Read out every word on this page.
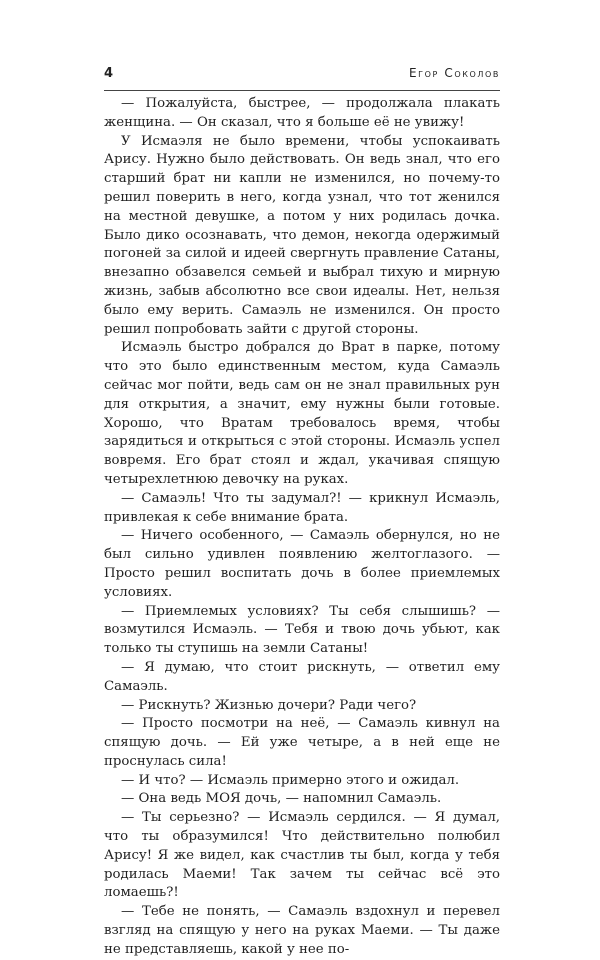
4	Егор Соколов

— Пожалуйста, быстрее, — продолжала плакать женщина. — Он сказал, что я больше её не увижу!

У Исмаэля не было времени, чтобы успокаивать Арису. Нужно было действовать. Он ведь знал, что его старший брат ни капли не изменился, но почему-то решил поверить в него, когда узнал, что тот женился на местной девушке, а потом у них родилась дочка. Было дико осознавать, что демон, некогда одержимый погоней за силой и идеей свергнуть правление Сатаны, внезапно обзавелся семьей и выбрал тихую и мирную жизнь, забыв абсолютно все свои идеалы. Нет, нельзя было ему верить. Самаэль не изменился. Он просто решил попробовать зайти с другой стороны.

Исмаэль быстро добрался до Врат в парке, потому что это было единственным местом, куда Самаэль сейчас мог пойти, ведь сам он не знал правильных рун для открытия, а значит, ему нужны были готовые. Хорошо, что Вратам требовалось время, чтобы зарядиться и открыться с этой стороны. Исмаэль успел вовремя. Его брат стоял и ждал, укачивая спящую четырехлетнюю девочку на руках.

— Самаэль! Что ты задумал?! — крикнул Исмаэль, привлекая к себе внимание брата.

— Ничего особенного, — Самаэль обернулся, но не был сильно удивлен появлению желтоглазого. — Просто решил воспитать дочь в более приемлемых условиях.

— Приемлемых условиях? Ты себя слышишь? — возмутился Исмаэль. — Тебя и твою дочь убьют, как только ты ступишь на земли Сатаны!

— Я думаю, что стоит рискнуть, — ответил ему Самаэль.

— Рискнуть? Жизнью дочери? Ради чего?

— Просто посмотри на неё, — Самаэль кивнул на спящую дочь. — Ей уже четыре, а в ней еще не проснулась сила!

— И что? — Исмаэль примерно этого и ожидал.

— Она ведь МОЯ дочь, — напомнил Самаэль.

— Ты серьезно? — Исмаэль сердился. — Я думал, что ты образумился! Что действительно полюбил Арису! Я же видел, как счастлив ты был, когда у тебя родилась Маеми! Так зачем ты сейчас всё это ломаешь?!

— Тебе не понять, — Самаэль вздохнул и перевел взгляд на спящую у него на руках Маеми. — Ты даже не представляешь, какой у нее по-
